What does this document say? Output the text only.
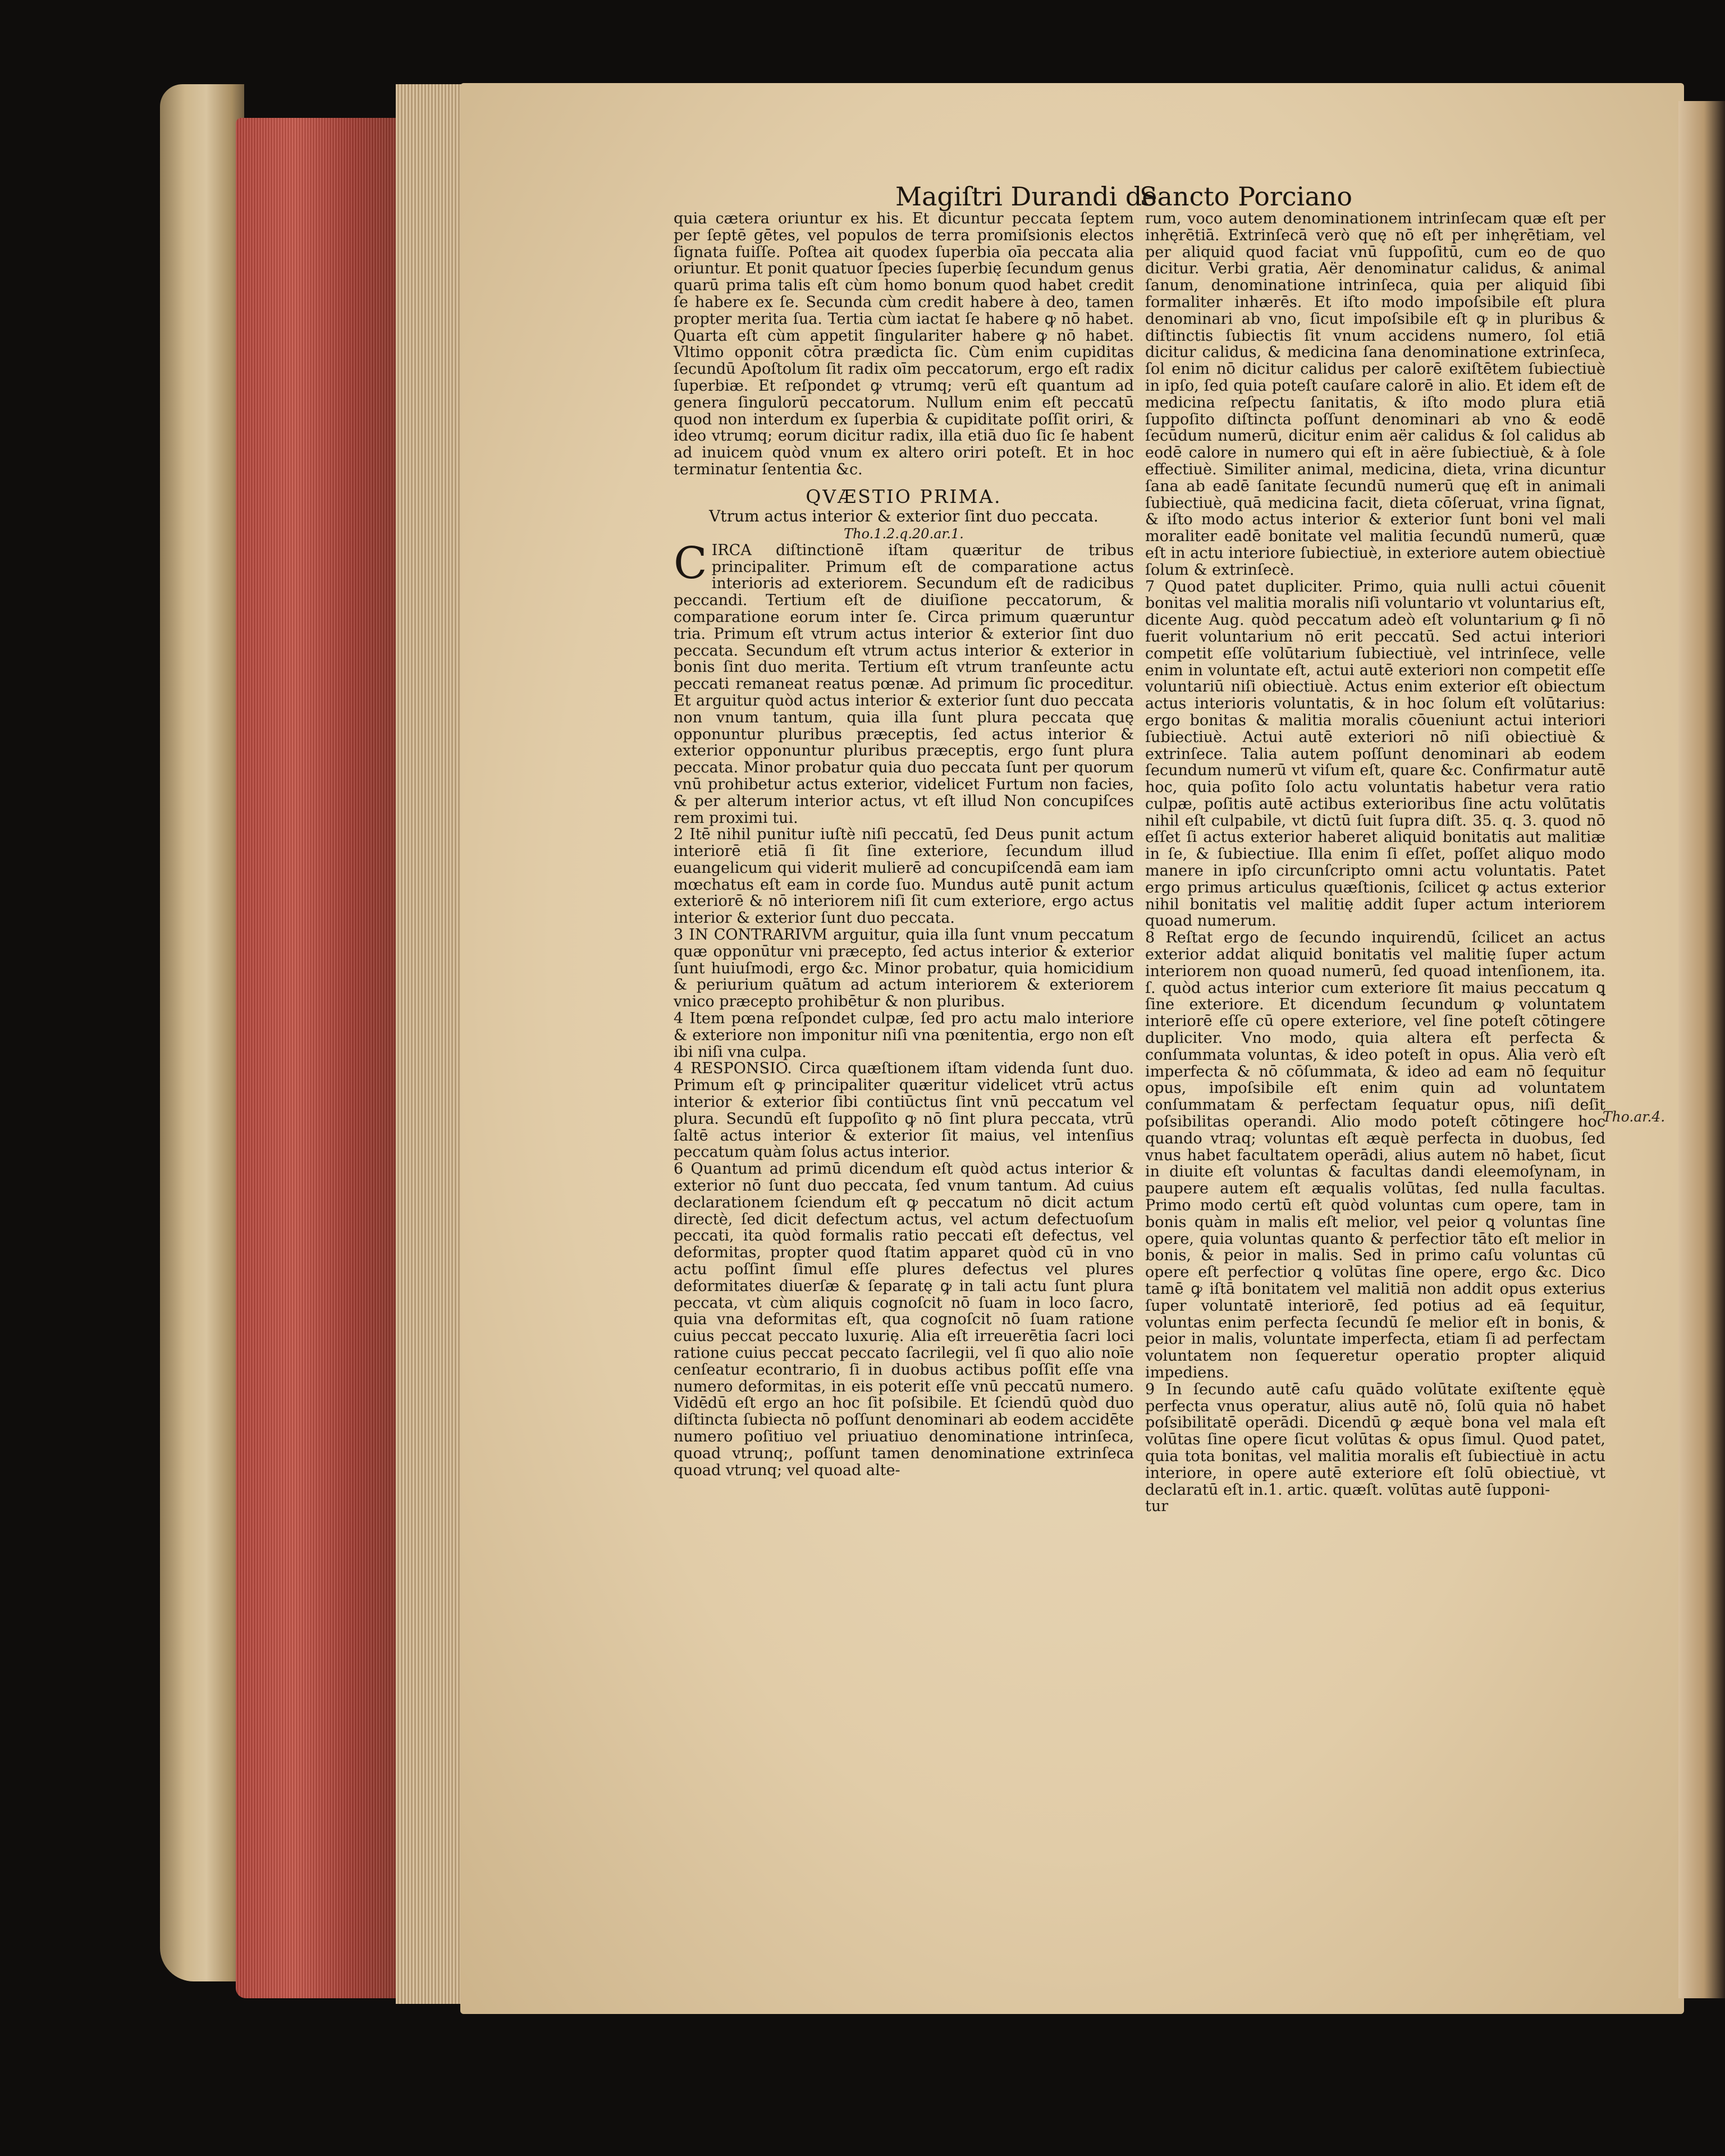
Magiſtri Durandi de
Sancto Porciano

quia cætera oriuntur ex his. Et dicuntur peccata ſeptem per ſeptē gētes, vel populos de terra promiſsionis electos ſignata fuiſſe. Poſtea ait quodex ſuperbia oīa peccata alia oriuntur. Et ponit quatuor ſpecies ſuperbię ſecundum genus quarū prima talis eſt cùm homo bonum quod habet credit ſe habere ex ſe. Secunda cùm credit habere à deo, tamen propter merita ſua. Tertia cùm iactat ſe habere ꝙ nō habet. Quarta eſt cùm appetit ſingulariter habere ꝙ nō habet. Vltimo opponit cōtra prædicta ſic. Cùm enim cupiditas ſecundū Apoſtolum ſit radix oīm peccatorum, ergo eſt radix ſuperbiæ. Et reſpondet ꝙ vtrumq; verū eſt quantum ad genera ſingulorū peccatorum. Nullum enim eſt peccatū quod non interdum ex ſuperbia & cupiditate poſſit oriri, & ideo vtrumq; eorum dicitur radix, illa etiā duo ſic ſe habent ad inuicem quòd vnum ex altero oriri poteſt. Et in hoc terminatur ſententia &c.

QVÆSTIO PRIMA.
Vtrum actus interior & exterior ſint duo peccata.
Tho.1.2.q.20.ar.1.

C IRCA diſtinctionē iſtam quæritur de tribus principaliter. Primum eſt de comparatione actus interioris ad exteriorem. Secundum eſt de radicibus peccandi. Tertium eſt de diuiſione peccatorum, & comparatione eorum inter ſe. Circa primum quæruntur tria. Primum eſt vtrum actus interior & exterior ſint duo peccata. Secundum eſt vtrum actus interior & exterior in bonis ſint duo merita. Tertium eſt vtrum tranſeunte actu peccati remaneat reatus pœnæ. Ad primum ſic proceditur. Et arguitur quòd actus interior & exterior ſunt duo peccata non vnum tantum, quia illa ſunt plura peccata quę opponuntur pluribus præceptis, ſed actus interior & exterior opponuntur pluribus præceptis, ergo ſunt plura peccata. Minor probatur quia duo peccata ſunt per quorum vnū prohibetur actus exterior, videlicet Furtum non facies, & per alterum interior actus, vt eſt illud Non concupiſces rem proximi tui.

2 Itē nihil punitur iuſtè niſi peccatū, ſed Deus punit actum interiorē etiā ſi ſit ſine exteriore, ſecundum illud euangelicum qui viderit mulierē ad concupiſcendā eam iam mœchatus eſt eam in corde ſuo. Mundus autē punit actum exteriorē & nō interiorem niſi ſit cum exteriore, ergo actus interior & exterior ſunt duo peccata.

3 IN CONTRARIVM arguitur, quia illa ſunt vnum peccatum quæ opponūtur vni præcepto, ſed actus interior & exterior ſunt huiuſmodi, ergo &c. Minor probatur, quia homicidium & periurium quātum ad actum interiorem & exteriorem vnico præcepto prohibētur & non pluribus.

4 Item pœna reſpondet culpæ, ſed pro actu malo interiore & exteriore non imponitur niſi vna pœnitentia, ergo non eſt ibi niſi vna culpa.

4 RESPONSIO. Circa quæſtionem iſtam videnda ſunt duo. Primum eſt ꝙ principaliter quæritur videlicet vtrū actus interior & exterior ſibi contiūctus ſint vnū peccatum vel plura. Secundū eſt ſuppoſito ꝙ nō ſint plura peccata, vtrū ſaltē actus interior & exterior ſit maius, vel intenſius peccatum quàm ſolus actus interior.

6 Quantum ad primū dicendum eſt quòd actus interior & exterior nō ſunt duo peccata, ſed vnum tantum. Ad cuius declarationem ſciendum eſt ꝙ peccatum nō dicit actum directè, ſed dicit defectum actus, vel actum defectuoſum peccati, ita quòd formalis ratio peccati eſt defectus, vel deformitas, propter quod ſtatim apparet quòd cū in vno actu poſſint ſimul eſſe plures defectus vel plures deformitates diuerſæ & ſeparatę ꝙ in tali actu ſunt plura peccata, vt cùm aliquis cognoſcit nō ſuam in loco ſacro, quia vna deformitas eſt, qua cognoſcit nō ſuam ratione cuius peccat peccato luxurię. Alia eſt irreuerētia ſacri loci ratione cuius peccat peccato ſacrilegii, vel ſi quo alio noīe cenſeatur econtrario, ſi in duobus actibus poſſit eſſe vna numero deformitas, in eis poterit eſſe vnū peccatū numero. Vidēdū eſt ergo an hoc ſit poſsibile. Et ſciendū quòd duo diſtincta ſubiecta nō poſſunt denominari ab eodem accidēte numero poſitiuo vel priuatiuo denominatione intrinſeca, quoad vtrunq;, poſſunt tamen denominatione extrinſeca quoad vtrunq; vel quoad alte-

rum, voco autem denominationem intrinſecam quæ eſt per inhęrētiā. Extrinſecā verò quę nō eſt per inhęrētiam, vel per aliquid quod faciat vnū ſuppoſitū, cum eo de quo dicitur. Verbi gratia, Aër denominatur calidus, & animal ſanum, denominatione intrinſeca, quia per aliquid ſibi formaliter inhærēs. Et iſto modo impoſsibile eſt plura denominari ab vno, ſicut impoſsibile eſt ꝙ in pluribus & diſtinctis ſubiectis ſit vnum accidens numero, ſol etiā dicitur calidus, & medicina ſana denominatione extrinſeca, ſol enim nō dicitur calidus per calorē exiſtētem ſubiectiuè in ipſo, ſed quia poteſt cauſare calorē in alio. Et idem eſt de medicina reſpectu ſanitatis, & iſto modo plura etiā ſuppoſito diſtincta poſſunt denominari ab vno & eodē ſecūdum numerū, dicitur enim aër calidus & ſol calidus ab eodē calore in numero qui eſt in aëre ſubiectiuè, & à ſole effectiuè. Similiter animal, medicina, dieta, vrina dicuntur ſana ab eadē ſanitate ſecundū numerū quę eſt in animali ſubiectiuè, quā medicina facit, dieta cōſeruat, vrina ſignat, & iſto modo actus interior & exterior ſunt boni vel mali moraliter eadē bonitate vel malitia ſecundū numerū, quæ eſt in actu interiore ſubiectiuè, in exteriore autem obiectiuè ſolum & extrinſecè.

7 Quod patet dupliciter. Primo, quia nulli actui cōuenit bonitas vel malitia moralis niſi voluntario vt voluntarius eſt, dicente Aug. quòd peccatum adeò eſt voluntarium ꝙ ſi nō fuerit voluntarium nō erit peccatū. Sed actui interiori competit eſſe volūtarium ſubiectiuè, vel intrinſece, velle enim in voluntate eſt, actui autē exteriori non competit eſſe voluntariū niſi obiectiuè. Actus enim exterior eſt obiectum actus interioris voluntatis, & in hoc ſolum eſt volūtarius: ergo bonitas & malitia moralis cōueniunt actui interiori ſubiectiuè. Actui autē exteriori nō niſi obiectiuè & extrinſece. Talia autem poſſunt denominari ab eodem ſecundum numerū vt viſum eſt, quare &c. Confirmatur autē hoc, quia poſito ſolo actu voluntatis habetur vera ratio culpæ, poſitis autē actibus exterioribus ſine actu volūtatis nihil eſt culpabile, vt dictū ſuit ſupra diſt. 35. q. 3. quod nō eſſet ſi actus exterior haberet aliquid bonitatis aut malitiæ in ſe, & ſubiectiue. Illa enim ſi eſſet, poſſet aliquo modo manere in ipſo circunſcripto omni actu voluntatis. Patet ergo primus articulus quæſtionis, ſcilicet ꝙ actus exterior nihil bonitatis vel malitię addit ſuper actum interiorem quoad numerum.

8 Reſtat ergo de ſecundo inquirendū, ſcilicet an actus exterior addat aliquid bonitatis vel malitię ſuper actum interiorem non quoad numerū, ſed quoad intenſionem, ita. ſ. quòd actus interior cum exteriore ſit maius peccatum ꝗ ſine exteriore. Et dicendum ſecundum ꝙ voluntatem interiorē eſſe cū opere exteriore, vel ſine poteſt cōtingere dupliciter. Vno modo, quia altera eſt perfecta & conſummata voluntas, & ideo poteſt in opus. Alia verò eſt imperfecta & nō cōſummata, & ideo ad eam nō ſequitur opus, impoſsibile eſt enim quin ad voluntatem conſummatam & perfectam ſequatur opus, niſi deſit poſsibilitas operandi. Alio modo poteſt cōtingere hoc quando vtraq; voluntas eſt æquè perfecta in duobus, ſed vnus habet facultatem operādi, alius autem nō habet, ſicut in diuite eſt voluntas & facultas dandi eleemoſynam, in paupere autem eſt æqualis volūtas, ſed nulla facultas. Primo modo certū eſt quòd voluntas cum opere, tam in bonis quàm in malis eſt melior, vel peior ꝗ voluntas ſine opere, quia voluntas quanto & perfectior tāto eſt melior in bonis, & peior in malis. Sed in primo caſu voluntas cū opere eſt perfectior ꝗ volūtas ſine opere, ergo &c. Dico tamē ꝙ iſtā bonitatem vel malitiā non addit opus exterius ſuper voluntatē interiorē, ſed potius ad eā ſequitur, voluntas enim perfecta ſecundū ſe melior eſt in bonis, & peior in malis, voluntate imperfecta, etiam ſi ad perfectam voluntatem non ſequeretur operatio propter aliquid impediens.

9 In ſecundo autē caſu quādo volūtate exiſtente ęquè perfecta vnus operatur, alius autē nō, ſolū quia nō habet poſsibilitatē operādi. Dicendū ꝙ æquè bona vel mala eſt volūtas ſine opere ſicut volūtas & opus ſimul. Quod patet, quia tota bonitas, vel malitia moralis eſt ſubiectiuè in actu interiore, in opere autē exteriore eſt ſolū obiectiuè, vt declaratū eſt in.1. artic. quæſt. volūtas autē ſupponi-

tur

Tho.ar.4.
